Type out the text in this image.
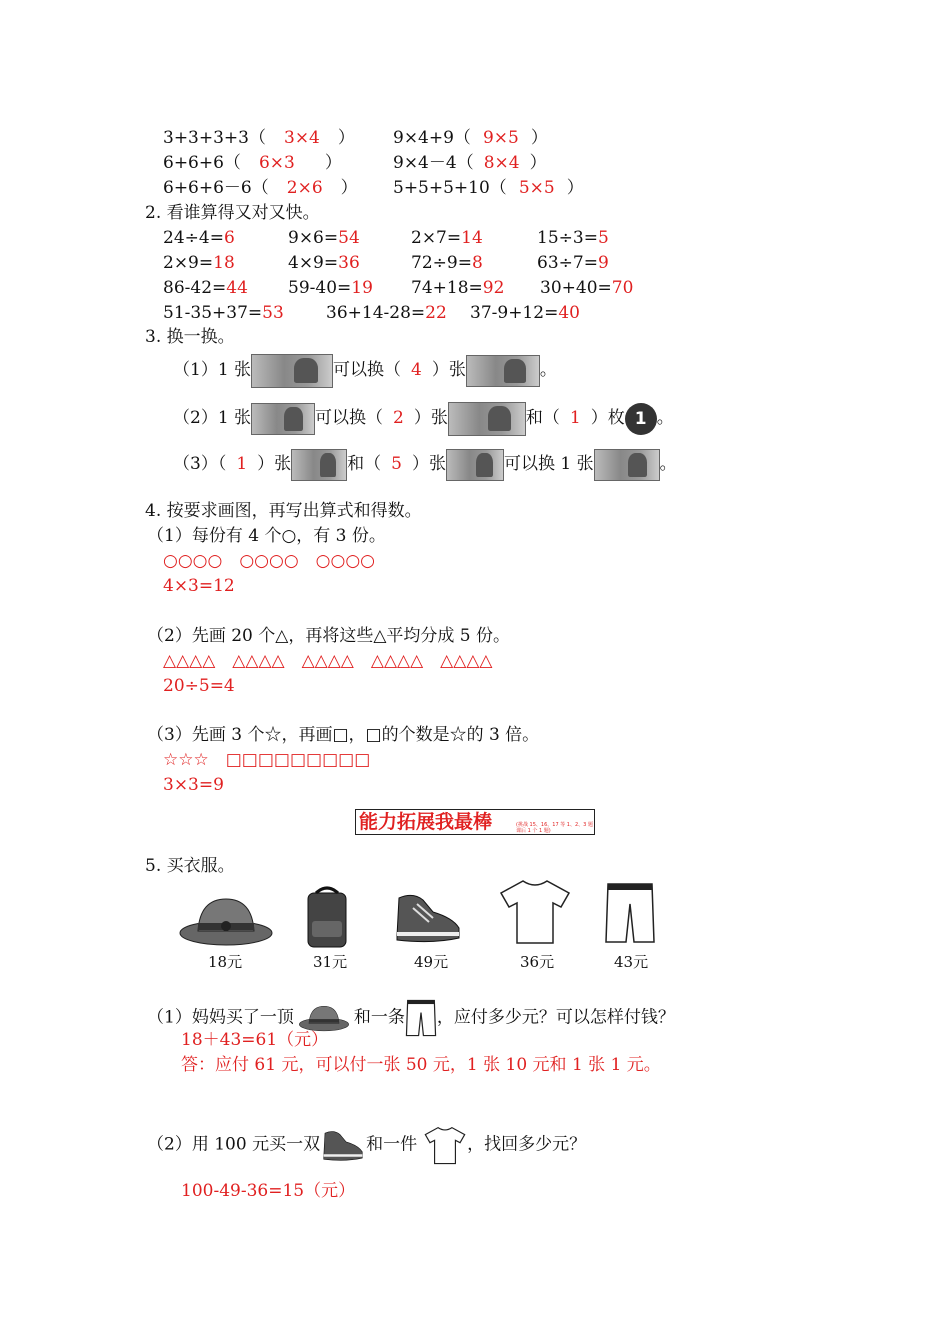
3+3+3+3（ 3×4 ） 9×4+9（ 9×5 ）
6+6+6（ 6×3 ）	9×4－4（ 8×4 ）
6+6+6－6（ 2×6 ） 5+5+5+10（ 5×5 ）
2. 看谁算得又对又快。
24÷4=6	9×6=54	2×7=14	15÷3=5
2×9=18	4×9=36	72÷9=8	63÷7=9
86-42=44 59-40=19 74+18=92 30+40=70
51-35+37=53 36+14-28=22 37-9+12=40
3. 换一换。
（1）1 张	可以换（ 4 ）张	。
（2）1 张	可以换（ 2 ）张	和（ 1 ）枚 1 。
（3）（ 1 ）张	和（ 5 ）张	可以换 1 张	。
4. 按要求画图，再写出算式和得数。
（1）每份有 4 个○，有 3 份。
○○○○　○○○○　○○○○
4×3=12
（2）先画 20 个△，再将这些△平均分成 5 份。
△△△△　△△△△　△△△△　△△△△　△△△△
20÷5=4
（3）先画 3 个☆，再画□，□的个数是☆的 3 倍。
☆☆☆　□□□□□□□□□
3×3=9
能力拓展我最棒	(挑战 15、16、17 等 1、2、3 题 课后 1 个 1 题)
5. 买衣服。
18元	31元	49元	36元	43元
（1）妈妈买了一顶	和一条 ，应付多少元？可以怎样付钱？
18＋43=61（元）
答：应付 61 元，可以付一张 50 元，1 张 10 元和 1 张 1 元。
（2）用 100 元买一双	和一件	，找回多少元？
100-49-36=15（元）
